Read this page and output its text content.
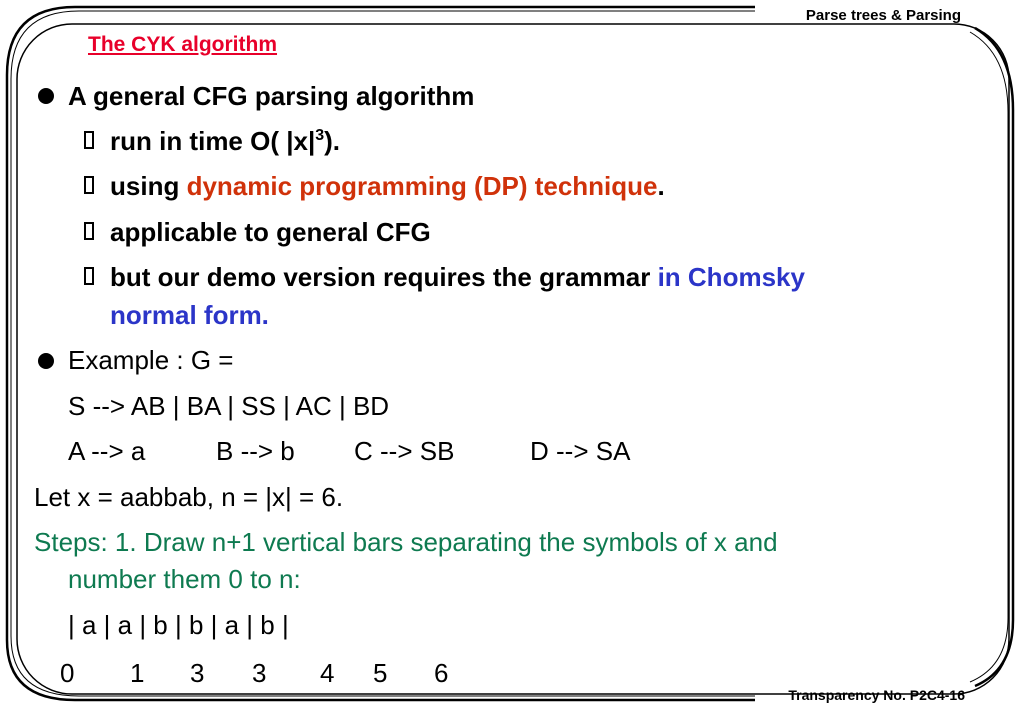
Parse trees & Parsing
Transparency No. P2C4-16
The CYK algorithm
A general CFG parsing algorithm
run in time O( $|x|^3$).
using dynamic programming (DP) technique.
applicable to general CFG
but our demo version requires the grammar in Chomsky
normal form.
Example : G =
S --> AB | BA | SS | AC | BD
A --> a	B --> b C --> SB	D --> SA
Let x = aabbab, n = |x| = 6.
Steps: 1. Draw n+1 vertical bars separating the symbols of x and
number them 0 to n:
| a | a | b | b | a | b |
0 1 3 3 4 5 6
